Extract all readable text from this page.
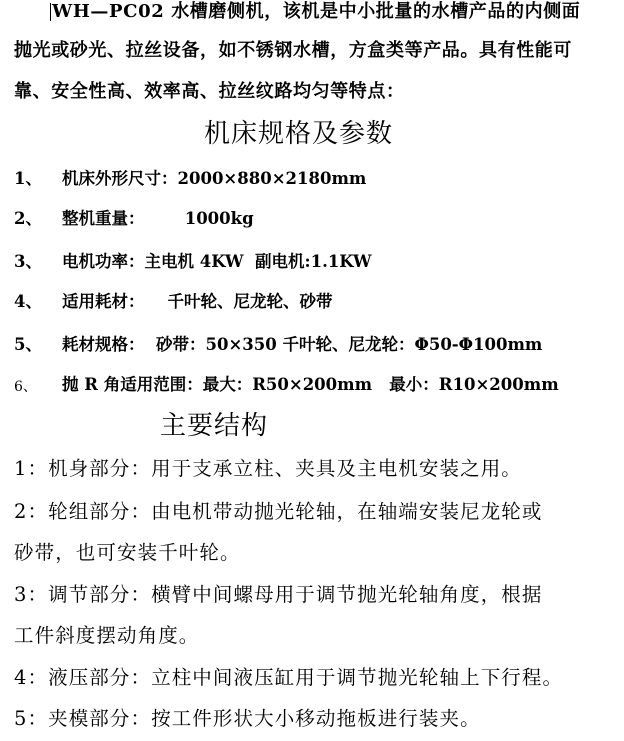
WH—PC02 水槽磨侧机，该机是中小批量的水槽产品的内侧面
抛光或砂光、拉丝设备，如不锈钢水槽，方盒类等产品。具有性能可
靠、安全性高、效率高、拉丝纹路均匀等特点：
机床规格及参数
1、 机床外形尺寸：2000×880×2180mm
2、 整机重量：       1000kg
3、 电机功率：主电机 4KW  副电机:1.1KW
4、 适用耗材：    千叶轮、尼龙轮、砂带
5、 耗材规格：  砂带：50×350 千叶轮、尼龙轮：Φ50-Φ100mm
6、 抛 R 角适用范围：最大：R50×200mm   最小：R10×200mm
主要结构
1：机身部分：用于支承立柱、夹具及主电机安装之用。
2：轮组部分：由电机带动抛光轮轴，在轴端安装尼龙轮或
砂带，也可安装千叶轮。
3：调节部分：横臂中间螺母用于调节抛光轮轴角度，根据
工件斜度摆动角度。
4：液压部分：立柱中间液压缸用于调节抛光轮轴上下行程。
5：夹模部分：按工件形状大小移动拖板进行装夹。
